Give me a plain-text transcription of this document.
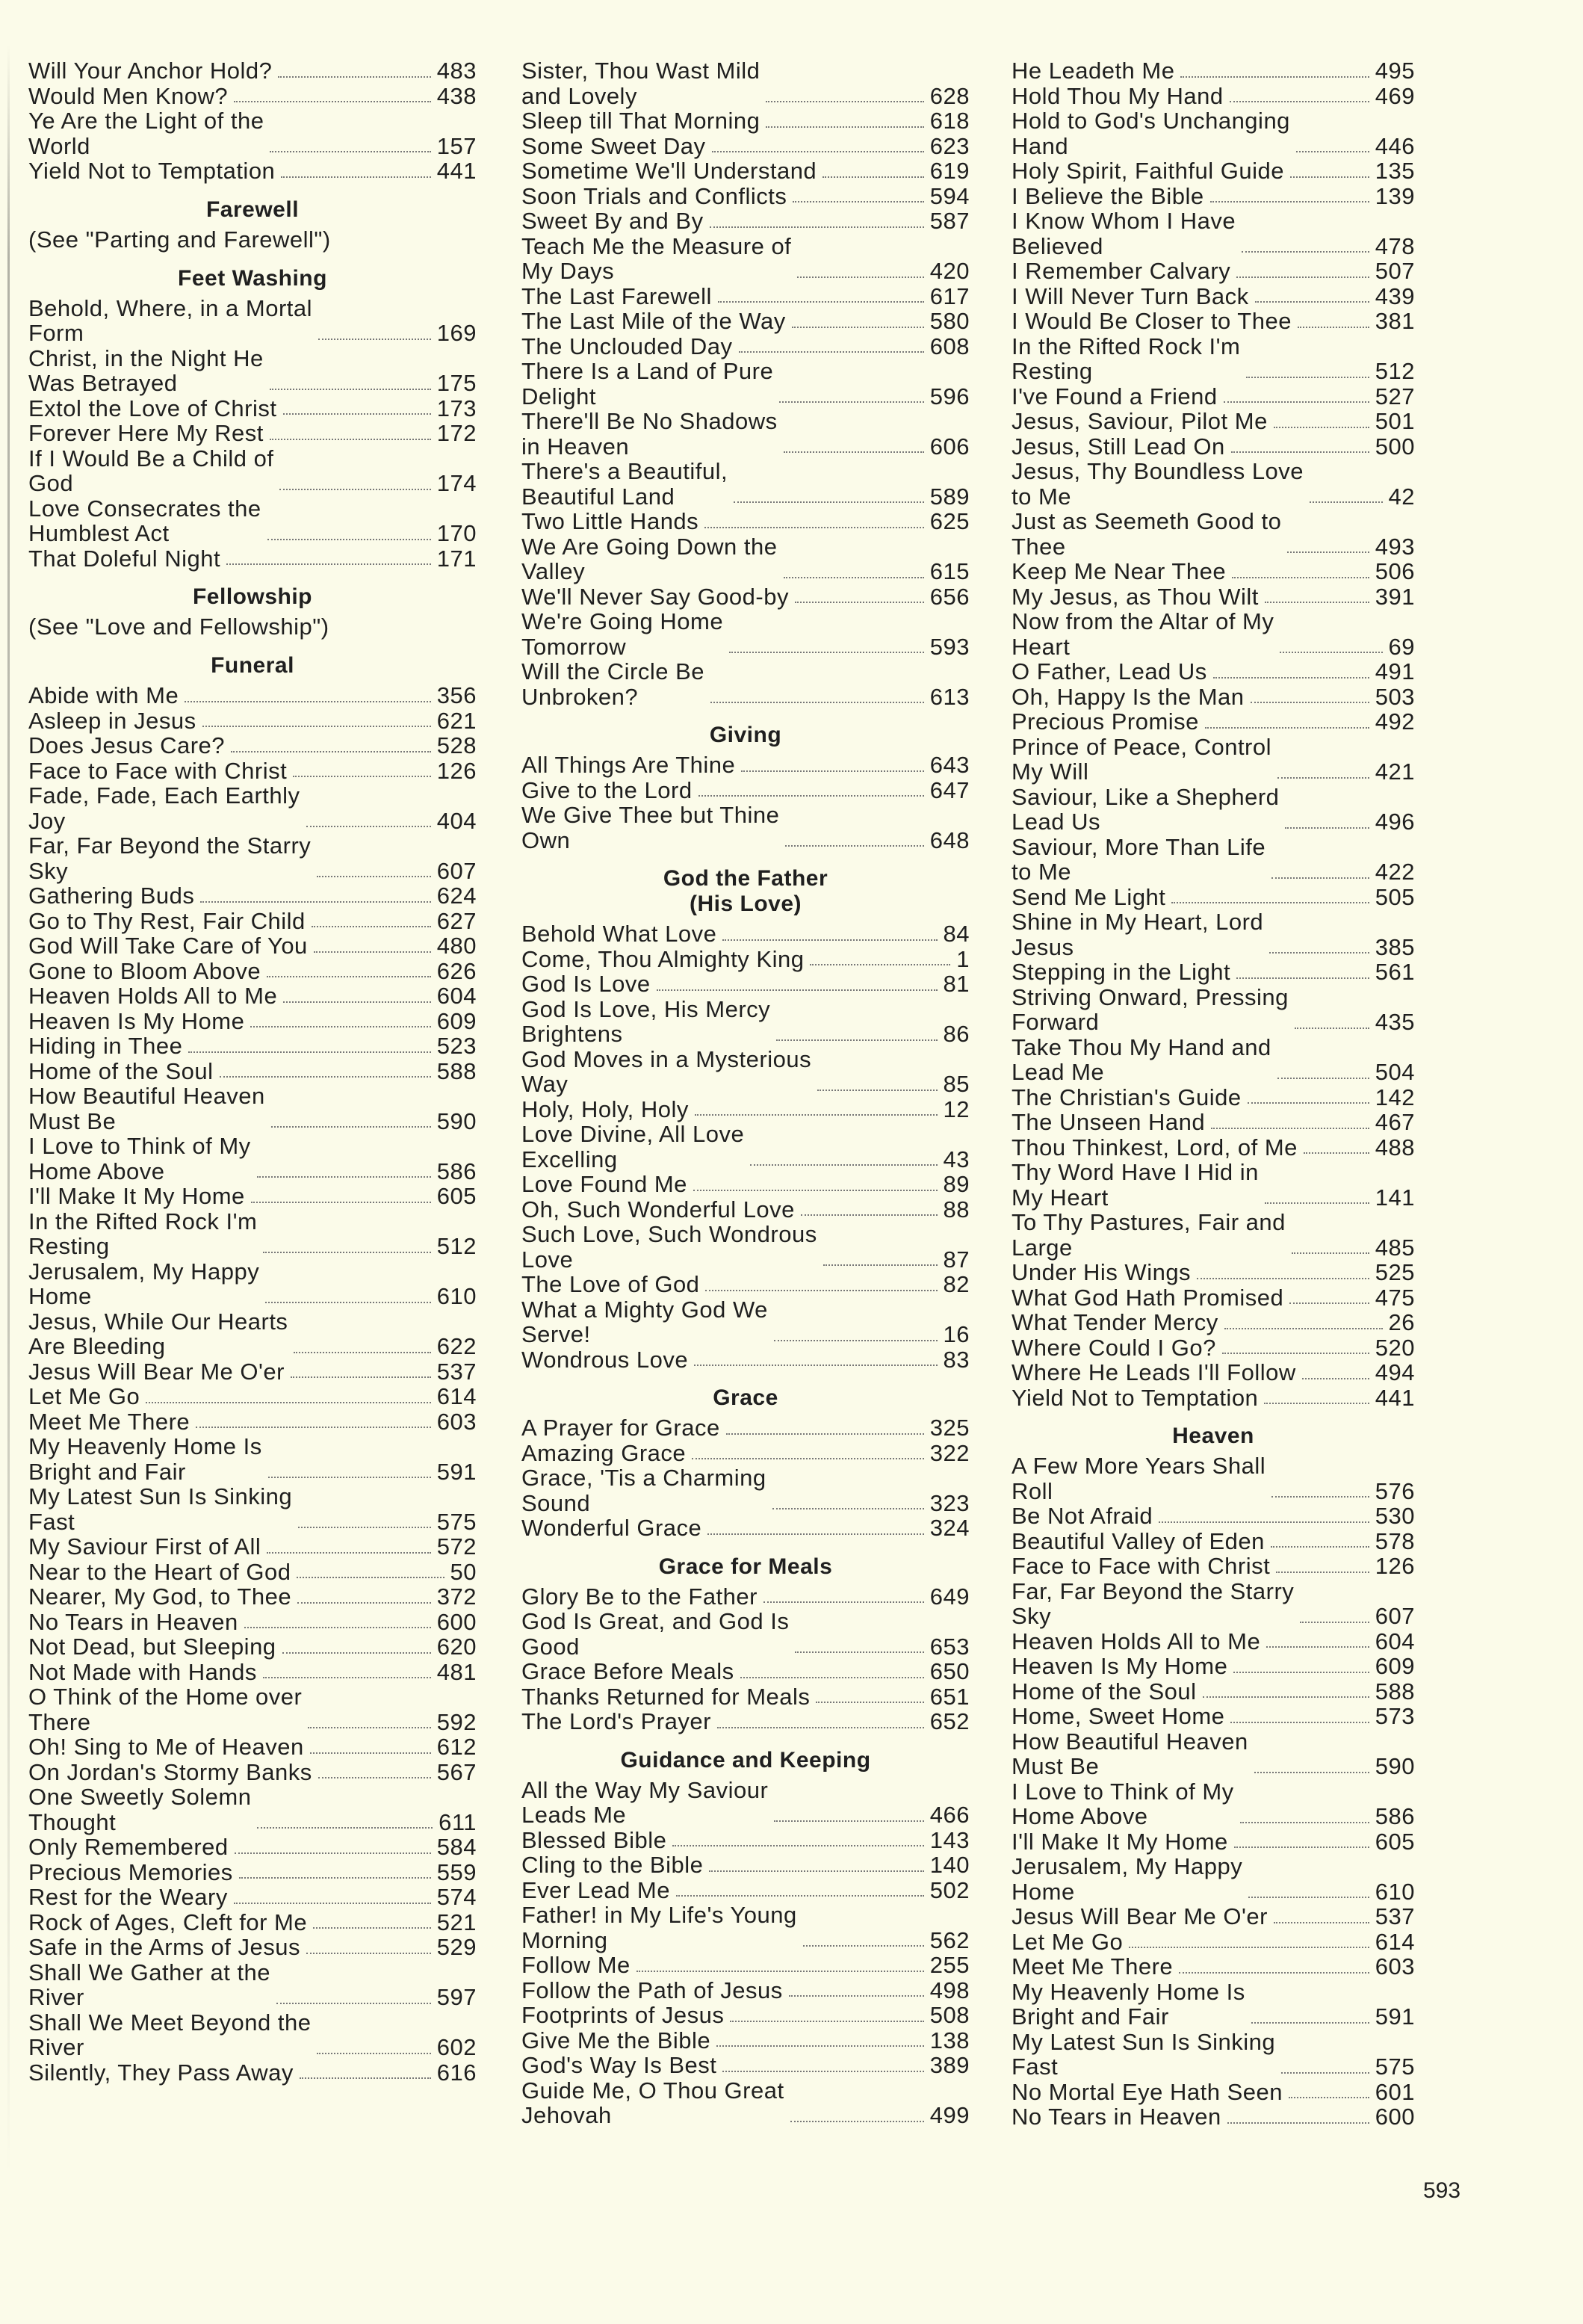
Will Your Anchor Hold?	483
Would Men Know?	438
Ye Are the Light of the
World	157
Yield Not to Temptation	441
Farewell
(See "Parting and Farewell")
Feet Washing
Behold, Where, in a Mortal
Form	169
Christ, in the Night He
Was Betrayed	175
Extol the Love of Christ	173
Forever Here My Rest	172
If I Would Be a Child of
God	174
Love Consecrates the
Humblest Act	170
That Doleful Night	171
Fellowship
(See "Love and Fellowship")
Funeral
Abide with Me	356
Asleep in Jesus	621
Does Jesus Care?	528
Face to Face with Christ	126
Fade, Fade, Each Earthly
Joy	404
Far, Far Beyond the Starry
Sky	607
Gathering Buds	624
Go to Thy Rest, Fair Child	627
God Will Take Care of You	480
Gone to Bloom Above	626
Heaven Holds All to Me	604
Heaven Is My Home	609
Hiding in Thee	523
Home of the Soul	588
How Beautiful Heaven
Must Be	590
I Love to Think of My
Home Above	586
I'll Make It My Home	605
In the Rifted Rock I'm
Resting	512
Jerusalem, My Happy
Home	610
Jesus, While Our Hearts
Are Bleeding	622
Jesus Will Bear Me O'er	537
Let Me Go	614
Meet Me There	603
My Heavenly Home Is
Bright and Fair	591
My Latest Sun Is Sinking
Fast	575
My Saviour First of All	572
Near to the Heart of God	50
Nearer, My God, to Thee	372
No Tears in Heaven	600
Not Dead, but Sleeping	620
Not Made with Hands	481
O Think of the Home over
There	592
Oh! Sing to Me of Heaven	612
On Jordan's Stormy Banks	567
One Sweetly Solemn
Thought	611
Only Remembered	584
Precious Memories	559
Rest for the Weary	574
Rock of Ages, Cleft for Me	521
Safe in the Arms of Jesus	529
Shall We Gather at the
River	597
Shall We Meet Beyond the
River	602
Silently, They Pass Away	616
Sister, Thou Wast Mild
and Lovely	628
Sleep till That Morning	618
Some Sweet Day	623
Sometime We'll Understand	619
Soon Trials and Conflicts	594
Sweet By and By	587
Teach Me the Measure of
My Days	420
The Last Farewell	617
The Last Mile of the Way	580
The Unclouded Day	608
There Is a Land of Pure
Delight	596
There'll Be No Shadows
in Heaven	606
There's a Beautiful,
Beautiful Land	589
Two Little Hands	625
We Are Going Down the
Valley	615
We'll Never Say Good-by	656
We're Going Home
Tomorrow	593
Will the Circle Be
Unbroken?	613
Giving
All Things Are Thine	643
Give to the Lord	647
We Give Thee but Thine
Own	648
God the Father
(His Love)
Behold What Love	84
Come, Thou Almighty King	1
God Is Love	81
God Is Love, His Mercy
Brightens	86
God Moves in a Mysterious
Way	85
Holy, Holy, Holy	12
Love Divine, All Love
Excelling	43
Love Found Me	89
Oh, Such Wonderful Love	88
Such Love, Such Wondrous
Love	87
The Love of God	82
What a Mighty God We
Serve!	16
Wondrous Love	83
Grace
A Prayer for Grace	325
Amazing Grace	322
Grace, 'Tis a Charming
Sound	323
Wonderful Grace	324
Grace for Meals
Glory Be to the Father	649
God Is Great, and God Is
Good	653
Grace Before Meals	650
Thanks Returned for Meals	651
The Lord's Prayer	652
Guidance and Keeping
All the Way My Saviour
Leads Me	466
Blessed Bible	143
Cling to the Bible	140
Ever Lead Me	502
Father! in My Life's Young
Morning	562
Follow Me	255
Follow the Path of Jesus	498
Footprints of Jesus	508
Give Me the Bible	138
God's Way Is Best	389
Guide Me, O Thou Great
Jehovah	499
He Leadeth Me	495
Hold Thou My Hand	469
Hold to God's Unchanging
Hand	446
Holy Spirit, Faithful Guide	135
I Believe the Bible	139
I Know Whom I Have
Believed	478
I Remember Calvary	507
I Will Never Turn Back	439
I Would Be Closer to Thee	381
In the Rifted Rock I'm
Resting	512
I've Found a Friend	527
Jesus, Saviour, Pilot Me	501
Jesus, Still Lead On	500
Jesus, Thy Boundless Love
to Me	42
Just as Seemeth Good to
Thee	493
Keep Me Near Thee	506
My Jesus, as Thou Wilt	391
Now from the Altar of My
Heart	69
O Father, Lead Us	491
Oh, Happy Is the Man	503
Precious Promise	492
Prince of Peace, Control
My Will	421
Saviour, Like a Shepherd
Lead Us	496
Saviour, More Than Life
to Me	422
Send Me Light	505
Shine in My Heart, Lord
Jesus	385
Stepping in the Light	561
Striving Onward, Pressing
Forward	435
Take Thou My Hand and
Lead Me	504
The Christian's Guide	142
The Unseen Hand	467
Thou Thinkest, Lord, of Me	488
Thy Word Have I Hid in
My Heart	141
To Thy Pastures, Fair and
Large	485
Under His Wings	525
What God Hath Promised	475
What Tender Mercy	26
Where Could I Go?	520
Where He Leads I'll Follow	494
Yield Not to Temptation	441
Heaven
A Few More Years Shall
Roll	576
Be Not Afraid	530
Beautiful Valley of Eden	578
Face to Face with Christ	126
Far, Far Beyond the Starry
Sky	607
Heaven Holds All to Me	604
Heaven Is My Home	609
Home of the Soul	588
Home, Sweet Home	573
How Beautiful Heaven
Must Be	590
I Love to Think of My
Home Above	586
I'll Make It My Home	605
Jerusalem, My Happy
Home	610
Jesus Will Bear Me O'er	537
Let Me Go	614
Meet Me There	603
My Heavenly Home Is
Bright and Fair	591
My Latest Sun Is Sinking
Fast	575
No Mortal Eye Hath Seen	601
No Tears in Heaven	600
593
